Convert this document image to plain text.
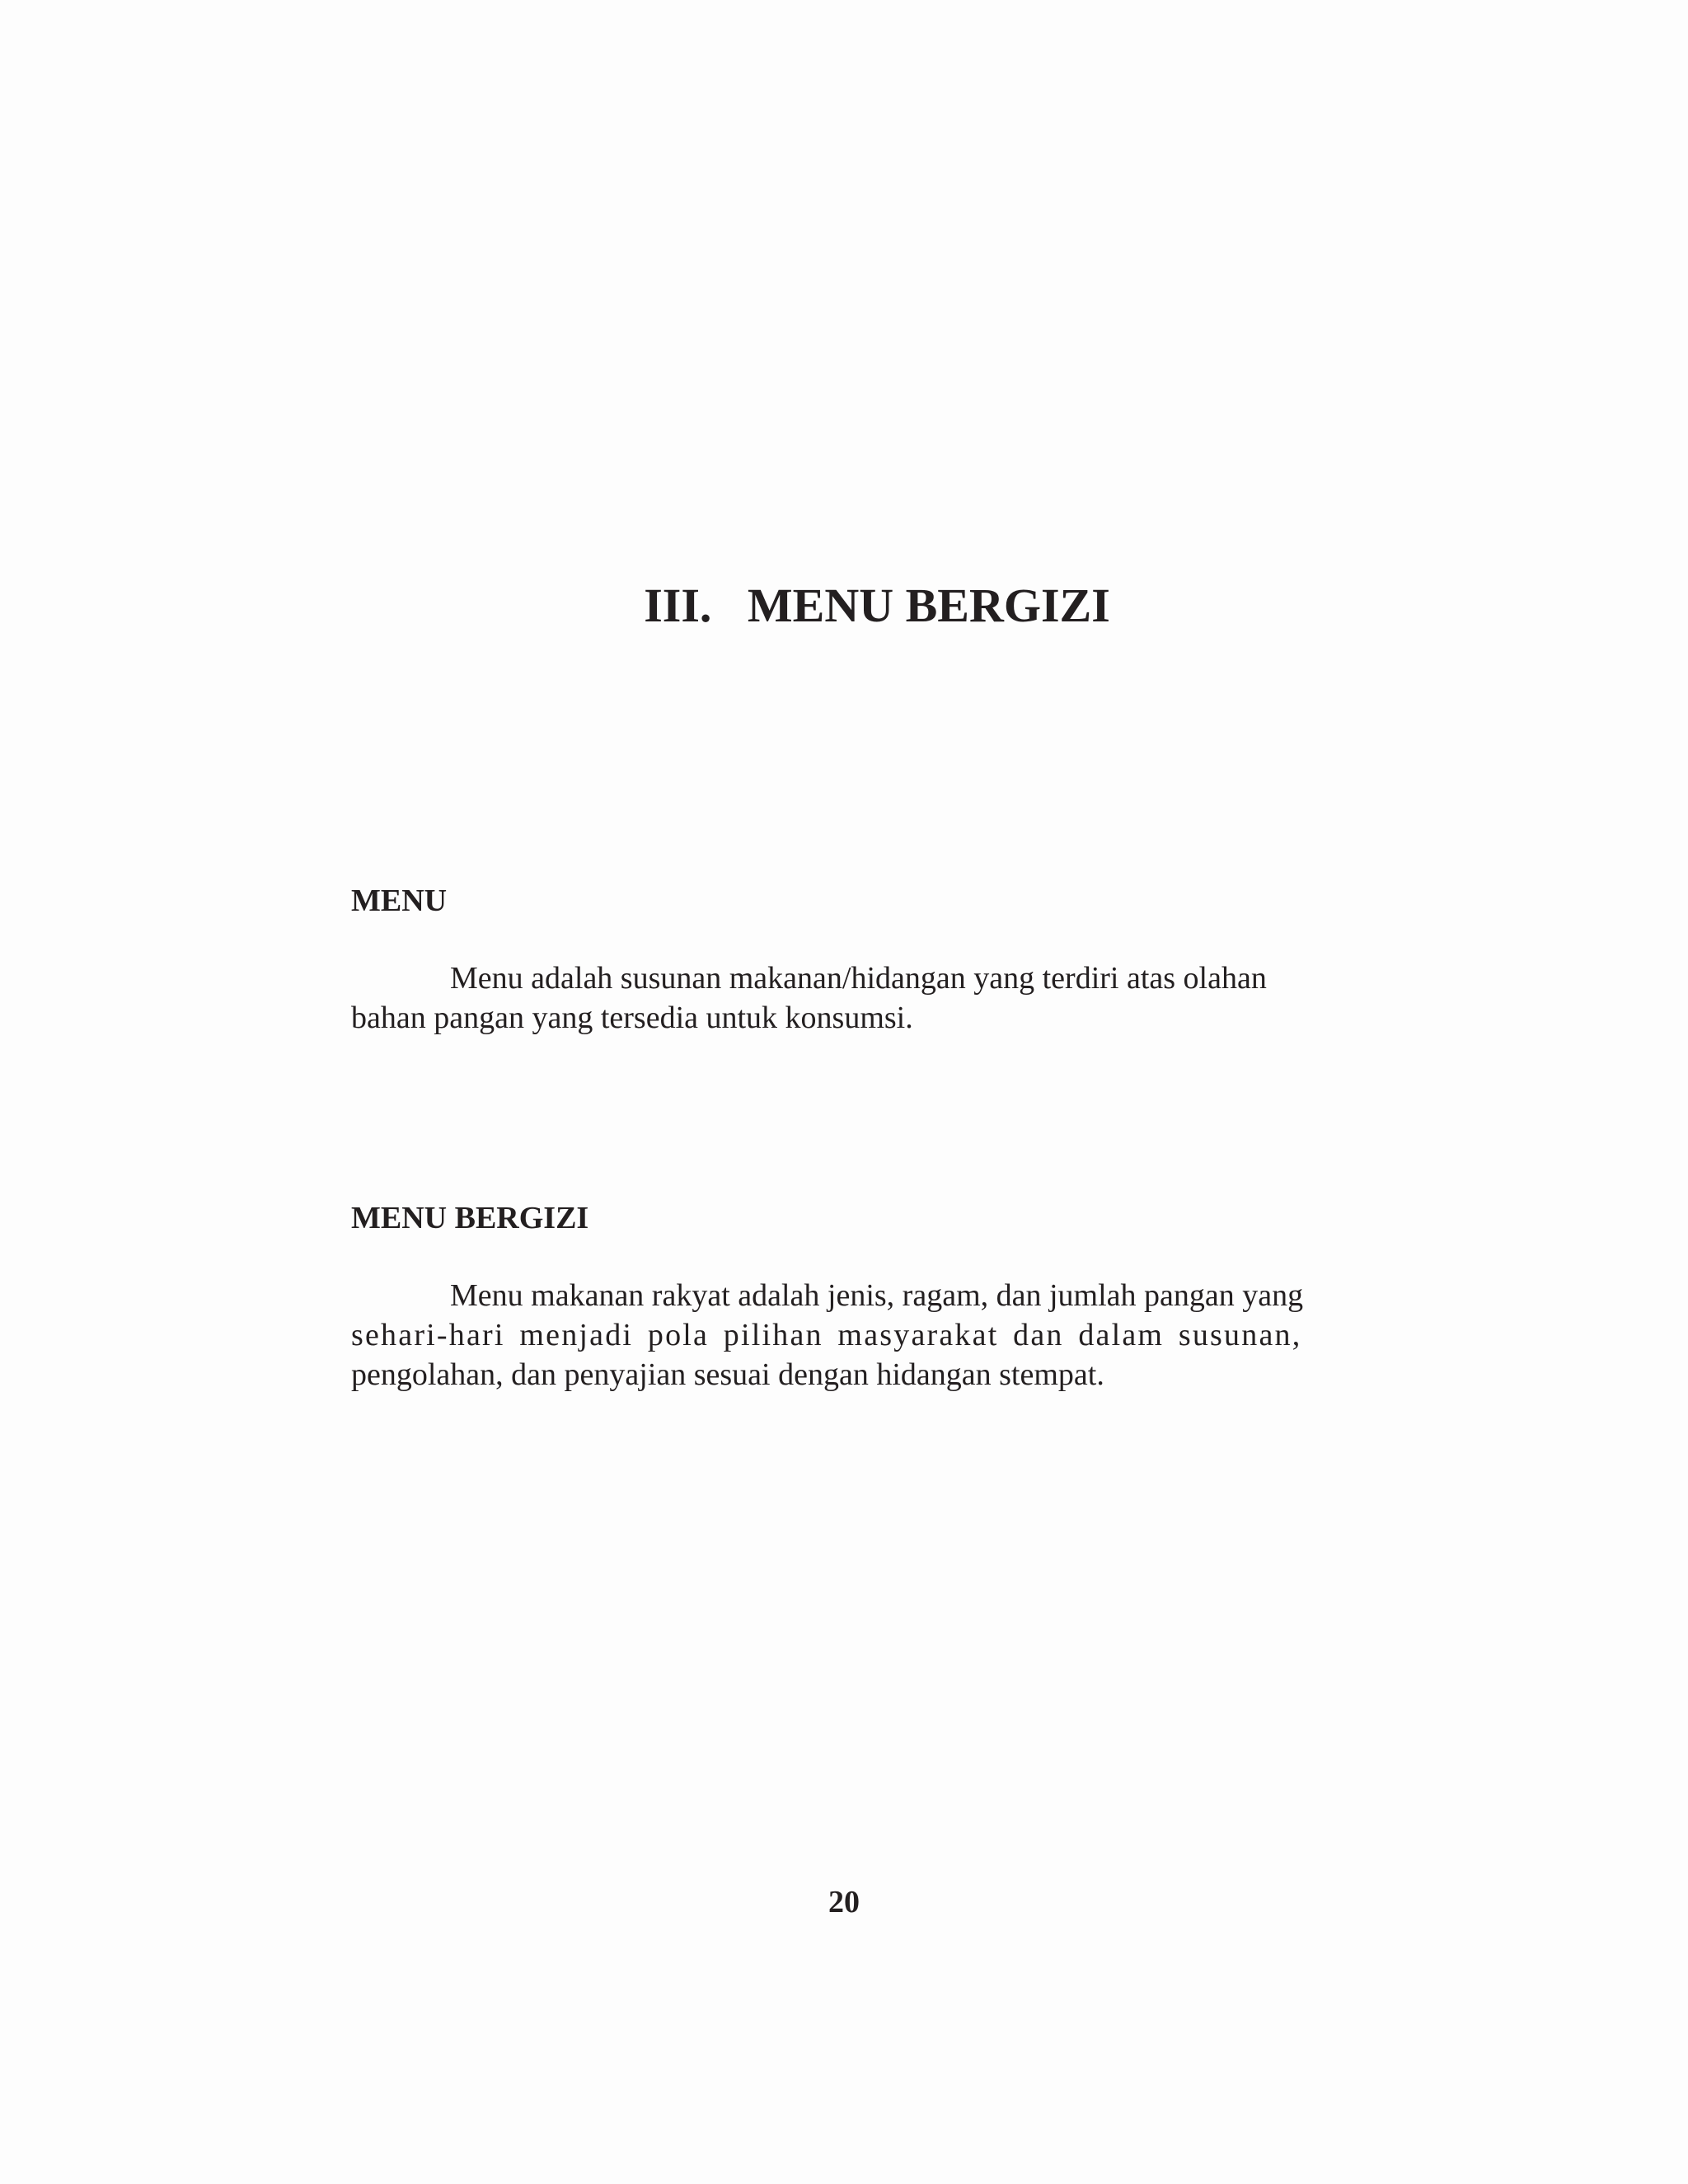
III.   MENU BERGIZI
MENU
Menu adalah susunan makanan/hidangan yang terdiri atas olahan
bahan pangan yang tersedia untuk konsumsi.
MENU BERGIZI
Menu makanan rakyat adalah jenis, ragam, dan jumlah pangan yang
sehari-hari menjadi pola pilihan masyarakat dan dalam susunan,
pengolahan, dan penyajian sesuai dengan hidangan stempat.
20
